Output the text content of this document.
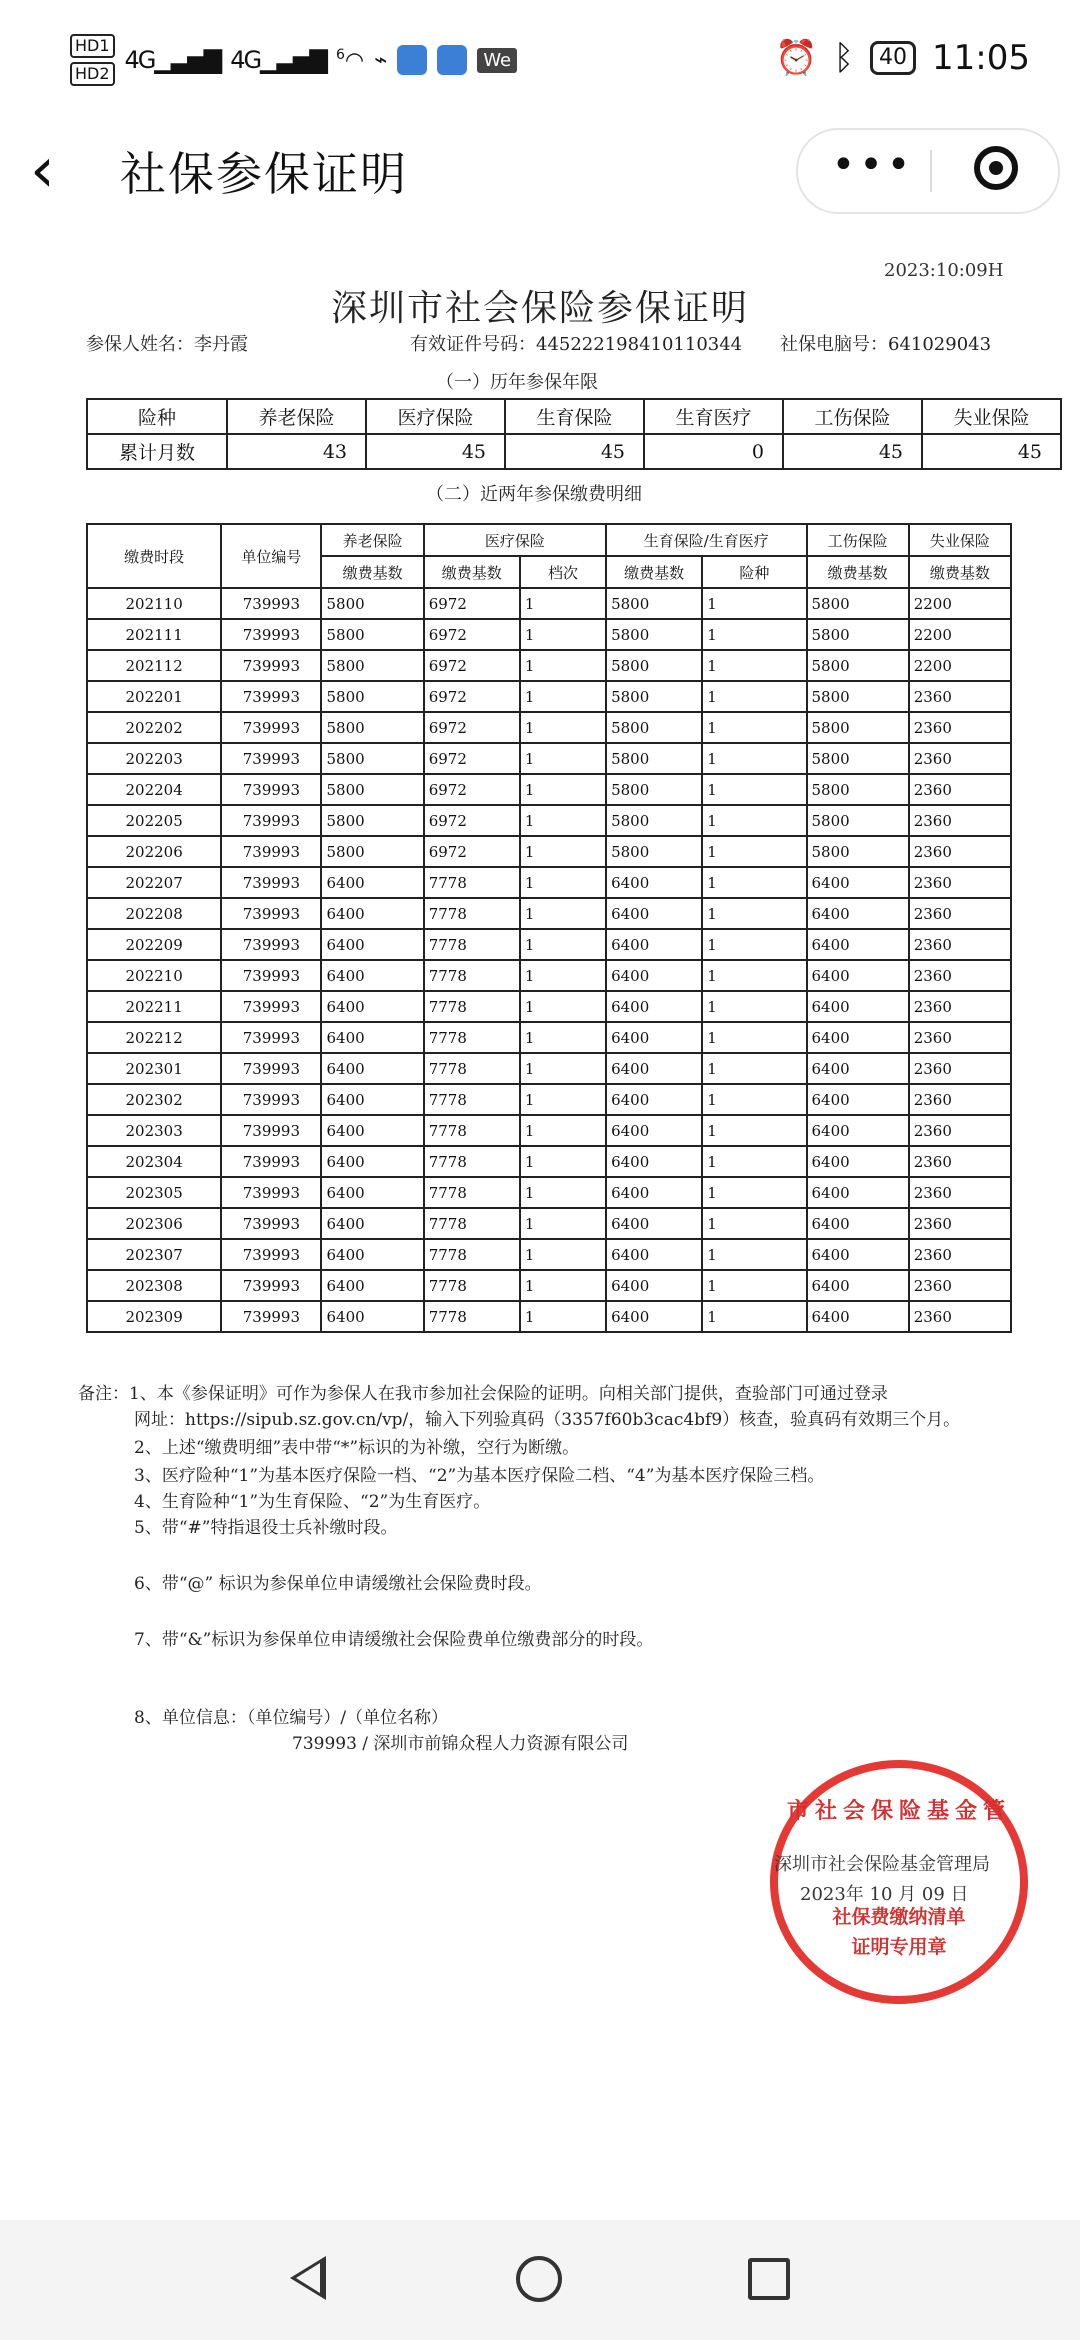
HD1
HD2 4G▁▃▅▇ 4G▁▃▅▇ $^6$◠ ⌁	We	⏰ ᛒ	40 11:05
‹ 社保参保证明	•••
2023:10:09H
深圳市社会保险参保证明
参保人姓名：李丹霞	有效证件号码：445222198410110344 社保电脑号：641029043
（一）历年参保年限
险种	养老保险	医疗保险	生育保险	生育医疗	工伤保险	失业保险
累计月数	43	45	45	0	45	45
（二）近两年参保缴费明细
缴费时段	单位编号	养老保险	医疗保险		生育保险/生育医疗		工伤保险	失业保险
		缴费基数	缴费基数	档次	缴费基数	险种	缴费基数	缴费基数
202110	739993	5800	6972	1	5800	1	5800	2200
202111	739993	5800	6972	1	5800	1	5800	2200
202112	739993	5800	6972	1	5800	1	5800	2200
202201	739993	5800	6972	1	5800	1	5800	2360
202202	739993	5800	6972	1	5800	1	5800	2360
202203	739993	5800	6972	1	5800	1	5800	2360
202204	739993	5800	6972	1	5800	1	5800	2360
202205	739993	5800	6972	1	5800	1	5800	2360
202206	739993	5800	6972	1	5800	1	5800	2360
202207	739993	6400	7778	1	6400	1	6400	2360
202208	739993	6400	7778	1	6400	1	6400	2360
202209	739993	6400	7778	1	6400	1	6400	2360
202210	739993	6400	7778	1	6400	1	6400	2360
202211	739993	6400	7778	1	6400	1	6400	2360
202212	739993	6400	7778	1	6400	1	6400	2360
202301	739993	6400	7778	1	6400	1	6400	2360
202302	739993	6400	7778	1	6400	1	6400	2360
202303	739993	6400	7778	1	6400	1	6400	2360
202304	739993	6400	7778	1	6400	1	6400	2360
202305	739993	6400	7778	1	6400	1	6400	2360
202306	739993	6400	7778	1	6400	1	6400	2360
202307	739993	6400	7778	1	6400	1	6400	2360
202308	739993	6400	7778	1	6400	1	6400	2360
202309	739993	6400	7778	1	6400	1	6400	2360
备注：1、本《参保证明》可作为参保人在我市参加社会保险的证明。向相关部门提供，查验部门可通过登录
网址：https://sipub.sz.gov.cn/vp/，输入下列验真码（3357f60b3cac4bf9）核查，验真码有效期三个月。
2、上述“缴费明细”表中带“*”标识的为补缴，空行为断缴。
3、医疗险种“1”为基本医疗保险一档、“2”为基本医疗保险二档、“4”为基本医疗保险三档。
4、生育险种“1”为生育保险、“2”为生育医疗。
5、带“#”特指退役士兵补缴时段。
6、带“@” 标识为参保单位申请缓缴社会保险费时段。
7、带“&”标识为参保单位申请缓缴社会保险费单位缴费部分的时段。
8、单位信息：（单位编号）/（单位名称）
739993 / 深圳市前锦众程人力资源有限公司
市社会保险基金管
社保费缴纳清单
证明专用章
深圳市社会保险基金管理局
2023年 10 月 09 日
